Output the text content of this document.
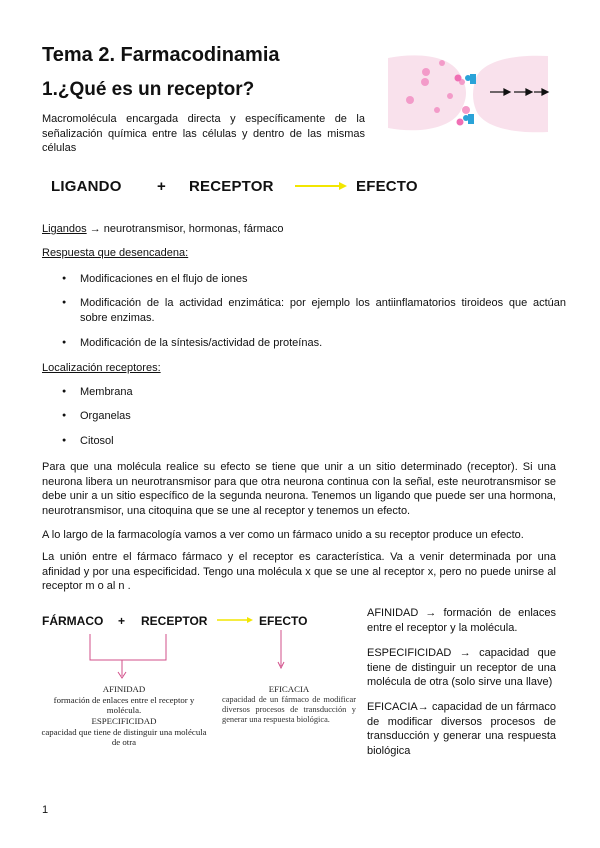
Tema 2. Farmacodinamia
1.¿Qué es un receptor?
Macromolécula encargada directa y específicamente de la señalización química entre las células y dentro de las mismas células
LIGANDO + RECEPTOR	EFECTO
Ligandos → neurotransmisor, hormonas, fármaco
Respuesta que desencadena:
● Modificaciones en el flujo de iones
● Modificación de la actividad enzimática: por ejemplo los antiinflamatorios tiroideos que actúan sobre enzimas.
● Modificación de la síntesis/actividad de proteínas.
Localización receptores:
● Membrana
● Organelas
● Citosol
Para que una molécula realice su efecto se tiene que unir a un sitio determinado (receptor). Si una neurona libera un neurotransmisor para que otra neurona continua con la señal, este neurotransmisor se debe unir a un sitio específico de la segunda neurona. Tenemos un ligando que puede ser una hormona, neurotransmisor, una citoquina que se une al receptor y tenemos un efecto.
A lo largo de la farmacología vamos a ver como un fármaco unido a su receptor produce un efecto.
La unión entre el fármaco fármaco y el receptor es característica. Va a venir determinada por una afinidad y por una especificidad. Tengo una molécula x que se une al receptor x, pero no puede unirse al receptor m o al n .
FÁRMACO + RECEPTOR	EFECTO
AFINIDAD
formación de enlaces entre el receptor y molécula.
ESPECIFICIDAD
capacidad que tiene de distinguir una molécula de otra
EFICACIA
capacidad de un fármaco de modificar diversos procesos de transducción y generar una respuesta biológica.
AFINIDAD → formación de enlaces entre el receptor y la molécula.
ESPECIFICIDAD → capacidad que tiene de distinguir un receptor de una molécula de otra (solo sirve una llave)
EFICACIA→ capacidad de un fármaco de modificar diversos procesos de transducción y generar una respuesta biológica
1
